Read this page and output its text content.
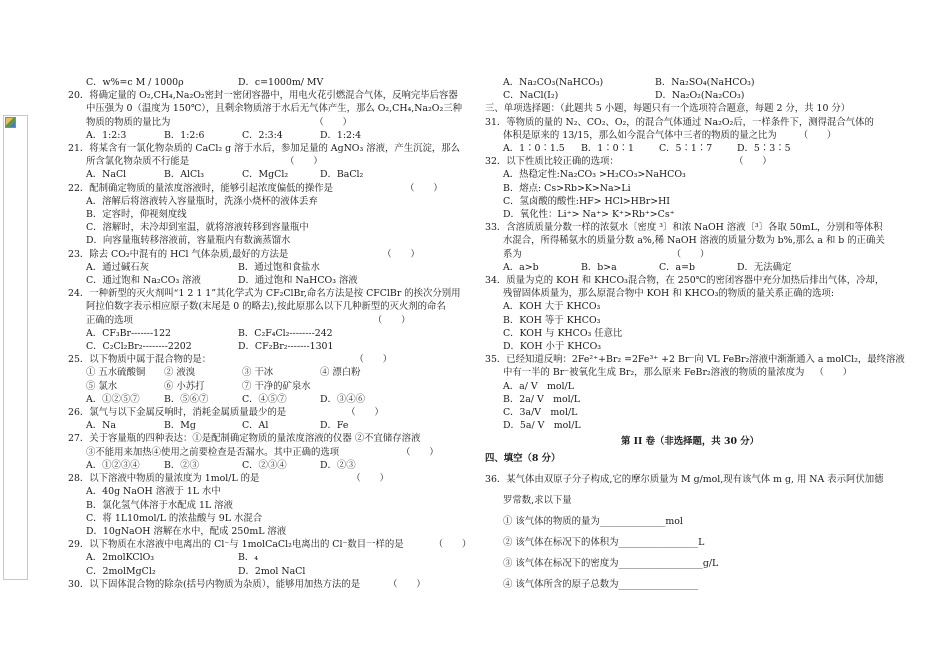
C．w%=c M / 1000ρ	D．c=1000m/ MV
20．将确定量的 O₂,CH₄,Na₂O₂密封一密闭容器中，用电火花引燃混合气体，反响完毕后容器
中压强为 0（温度为 150℃），且剩余物质溶于水后无气体产生，那么 O₂,CH₄,Na₂O₂三种
物质的物质的量比为	（　　）
A．1:2:3	B．1:2:6	C．2:3:4	D．1:2:4
21．将某含有一氯化物杂质的 CaCl₂ g 溶于水后，参加足量的 AgNO₃ 溶液，产生沉淀，那么
所含氯化物杂质不行能是	（　　）
A．NaCl	B．AlCl₃	C．MgCl₂	D．BaCl₂
22．配制确定物质的量浓度溶液时，能够引起浓度偏低的操作是	（　　）
A．溶解后将溶液转入容量瓶时，洗涤小烧杯的液体丢弃
B．定容时，仰视刻度线
C．溶解时，未冷却到室温，就将溶液转移到容量瓶中
D．向容量瓶转移溶液前，容量瓶内有数滴蒸馏水
23．除去 CO₂中混有的 HCl 气体杂质,最好的方法是	（　　）
A．通过碱石灰	B．通过饱和食盐水
C．通过饱和 Na₂CO₃ 溶液	D．通过饱和 NaHCO₃ 溶液
24．一种新型的灭火剂叫“1 2 1 1”其化学式为 CF₂ClBr,命名方法是按 CFClBr 的挨次分别用
阿拉伯数字表示相应原子数(末尾是 0 的略去),按此原那么以下几种新型的灭火剂的命名
正确的选项	（　　）
A．CF₃Br-------122	B．C₂F₄Cl₂--------242
C．C₂Cl₂Br₂--------2202	D．CF₂Br₂-------1301
25．以下物质中属于混合物的是：	（　　）
① 五水硫酸铜	② 液溴	③ 干冰	④ 漂白粉
⑤ 氯水	⑥ 小苏打	⑦ 干净的矿泉水
A．①②⑤⑦	B．⑤⑥⑦	C．④⑤⑦	D．③④⑥
26．氯气与以下金属反响时，消耗金属质量最少的是	（　　）
A．Na	B．Mg	C．Al	D．Fe
27．关于容量瓶的四种表达：①是配制确定物质的量浓度溶液的仪器 ②不宜储存溶液
③不能用来加热④使用之前要检查是否漏水。其中正确的选项	（　　）
A．①②③④	B．②③	C．②③④	D．②③
28．以下溶液中物质的量浓度为 1mol/L 的是	（　　）
A．40g NaOH 溶液于 1L 水中
B．氯化氢气体溶于水配成 1L 溶液
C．将 1L10mol/L 的浓盐酸与 9L 水混合
D．10gNaOH 溶解在水中，配成 250mL 溶液
29．以下物质在水溶液中电离出的 Cl⁻与 1molCaCl₂电离出的 Cl⁻数目一样的是	（　　）
A．2molKClO₃	B．₄
C．2molMgCl₂	D．2mol NaCl
30．以下固体混合物的除杂(括号内物质为杂质），能够用加热方法的是	（　　）
A．Na₂CO₃(NaHCO₃)	B．Na₂SO₄(NaHCO₃)
C．NaCl(I₂)	D．Na₂O₂(Na₂CO₃)
三、单项选择题：（此题共 5 小题，每题只有一个选项符合题意，每题 2 分，共 10 分）
31．等物质的量的 N₂、CO₂、O₂，的混合气体通过 Na₂O₂后，一样条件下，测得混合气体的
体积是原来的 13/15，那么如今混合气体中三者的物质的量之比为 （　　）
A．1∶0∶1.5	B．1∶0∶1	C．5∶1∶7	D．5∶3∶5
32．以下性质比较正确的选项：	（　　）
A．热稳定性:Na₂CO₃ >H₂CO₃>NaHCO₃
B．熔点: Cs>Rb>K>Na>Li
C．氢卤酸的酸性:HF> HCl>HBr>HI
D．氧化性：Li⁺> Na⁺> K⁺>Rb⁺>Cs⁺
33．含溶质质量分数一样的浓氨水〔密度 ³〕和浓 NaOH 溶液〔³〕各取 50mL，分别和等体积
水混合，所得稀氨水的质量分数 a%,稀 NaOH 溶液的质量分数为 b%,那么 a 和 b 的正确关
系为	（　　）
A．a>b	B．b>a	C．a=b	D．无法确定
34．质量为克的 KOH 和 KHCO₃混合物，在 250℃的密闭容器中充分加热后排出气体，冷却，
残留固体质量为，那么原混合物中 KOH 和 KHCO₃的物质的量关系正确的选项:
A．KOH 大于 KHCO₃
B．KOH 等于 KHCO₃
C．KOH 与 KHCO₃ 任意比
D．KOH 小于 KHCO₃
35．已经知道反响：2Fe²⁺+Br₂ =2Fe³⁺ +2 Br⁻向 VL FeBr₂溶液中渐渐通入 a molCl₂，最终溶液
中有一半的 Br⁻被氧化生成 Br₂，那么原来 FeBr₂溶液的物质的量浓度为 （　　）
A．a/ V　mol/L
B．2a/ V　mol/L
C．3a/V　mol/L
D．5a/ V　mol/L
第 II 卷（非选择题，共 30 分）
四、填空（8 分）
36．某气体由双原子分子构成,它的摩尔质量为 M g/mol,现有该气体 m g, 用 NA 表示阿伏加德
罗常数,求以下量
① 该气体的物质的量为______________mol
② 该气体在标况下的体积为_________________L
③ 该气体在标况下的密度为__________________g/L
④ 该气体所含的原子总数为_________________
